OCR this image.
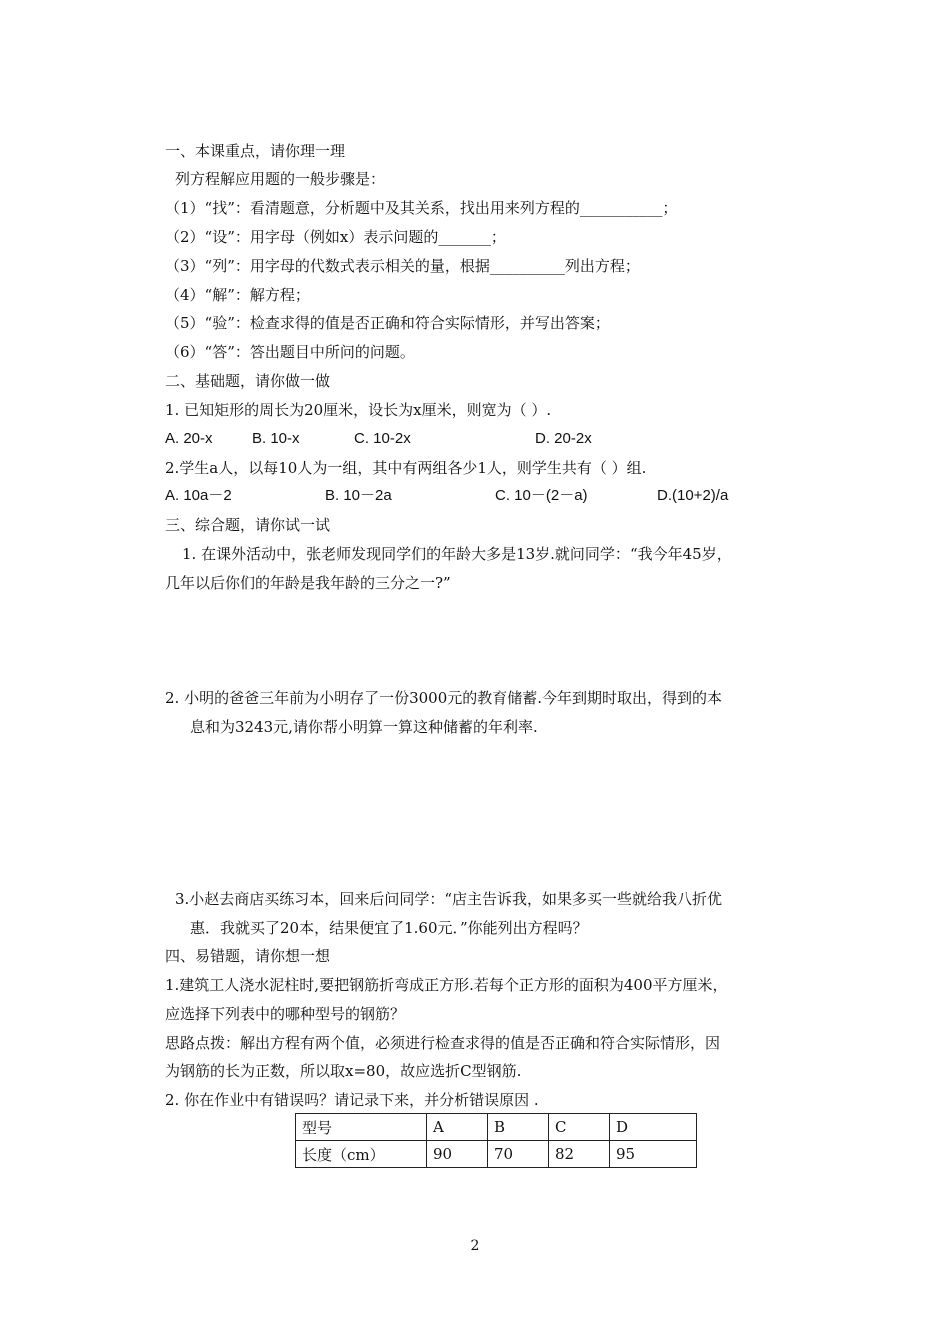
一、本课重点，请你理一理
列方程解应用题的一般步骤是：
（1）“找”：看清题意，分析题中及其关系，找出用来列方程的___________；
（2）“设”：用字母（例如x）表示问题的_______；
（3）“列”：用字母的代数式表示相关的量，根据__________列出方程；
（4）“解”：解方程；
（5）“验”：检查求得的值是否正确和符合实际情形，并写出答案；
（6）“答”：答出题目中所问的问题。
二、基础题，请你做一做
1. 已知矩形的周长为20厘米，设长为x厘米，则宽为（ ）.
A. 20-x	B. 10-x	C. 10-2x	D. 20-2x
2.学生a人，以每10人为一组，其中有两组各少1人，则学生共有（ ）组.
A. 10a－2	B. 10－2a	C. 10－(2－a)	D.(10+2)/a
三、综合题，请你试一试
1. 在课外活动中，张老师发现同学们的年龄大多是13岁.就问同学：“我今年45岁，
几年以后你们的年龄是我年龄的三分之一?”
2. 小明的爸爸三年前为小明存了一份3000元的教育储蓄.今年到期时取出，得到的本
息和为3243元,请你帮小明算一算这种储蓄的年利率.
3.小赵去商店买练习本，回来后问同学：“店主告诉我，如果多买一些就给我八折优
惠．我就买了20本，结果便宜了1.60元．”你能列出方程吗？
四、易错题，请你想一想
1.建筑工人浇水泥柱时,要把钢筋折弯成正方形.若每个正方形的面积为400平方厘米，
应选择下列表中的哪种型号的钢筋？
思路点拨：解出方程有两个值，必须进行检查求得的值是否正确和符合实际情形，因
为钢筋的长为正数，所以取x=80，故应选折C型钢筋.
2. 你在作业中有错误吗？请记录下来，并分析错误原因 .
型号	A	B	C	D
长度（cm）	90	70	82	95
2
